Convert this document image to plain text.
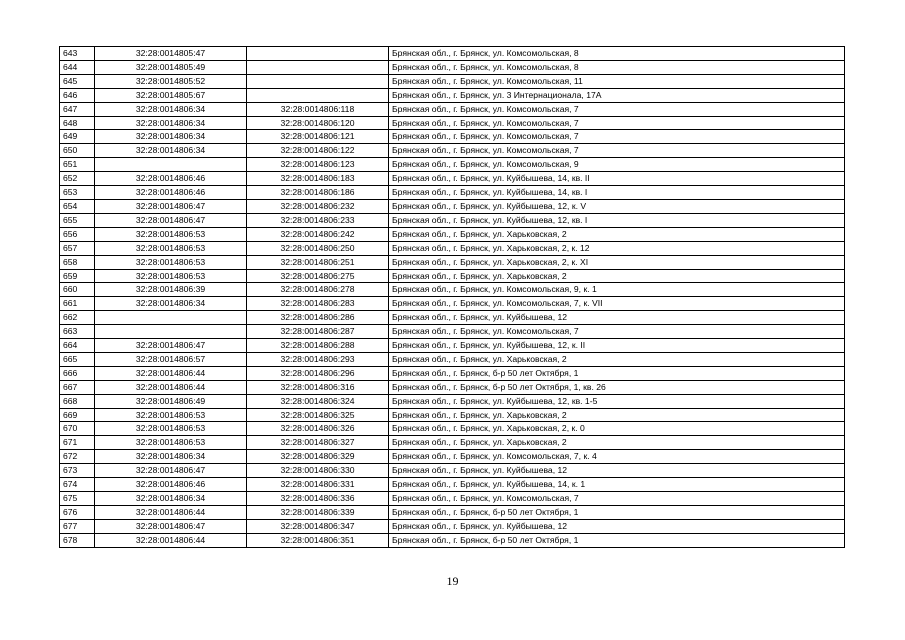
643	32:28:0014805:47		Брянская обл., г. Брянск, ул. Комсомольская, 8
644	32:28:0014805:49		Брянская обл., г. Брянск, ул. Комсомольская, 8
645	32:28:0014805:52		Брянская обл., г. Брянск, ул. Комсомольская, 11
646	32:28:0014805:67		Брянская обл., г. Брянск, ул. 3 Интернационала, 17А
647	32:28:0014806:34	32:28:0014806:118	Брянская обл., г. Брянск, ул. Комсомольская, 7
648	32:28:0014806:34	32:28:0014806:120	Брянская обл., г. Брянск, ул. Комсомольская, 7
649	32:28:0014806:34	32:28:0014806:121	Брянская обл., г. Брянск, ул. Комсомольская, 7
650	32:28:0014806:34	32:28:0014806:122	Брянская обл., г. Брянск, ул. Комсомольская, 7
651		32:28:0014806:123	Брянская обл., г. Брянск, ул. Комсомольская, 9
652	32:28:0014806:46	32:28:0014806:183	Брянская обл., г. Брянск, ул. Куйбышева, 14, кв. II
653	32:28:0014806:46	32:28:0014806:186	Брянская обл., г. Брянск, ул. Куйбышева, 14, кв. I
654	32:28:0014806:47	32:28:0014806:232	Брянская обл., г. Брянск, ул. Куйбышева, 12, к. V
655	32:28:0014806:47	32:28:0014806:233	Брянская обл., г. Брянск, ул. Куйбышева, 12, кв. I
656	32:28:0014806:53	32:28:0014806:242	Брянская обл., г. Брянск, ул. Харьковская, 2
657	32:28:0014806:53	32:28:0014806:250	Брянская обл., г. Брянск, ул. Харьковская, 2, к. 12
658	32:28:0014806:53	32:28:0014806:251	Брянская обл., г. Брянск, ул. Харьковская, 2, к. XI
659	32:28:0014806:53	32:28:0014806:275	Брянская обл., г. Брянск, ул. Харьковская, 2
660	32:28:0014806:39	32:28:0014806:278	Брянская обл., г. Брянск, ул. Комсомольская, 9, к. 1
661	32:28:0014806:34	32:28:0014806:283	Брянская обл., г. Брянск, ул. Комсомольская, 7, к. VII
662		32:28:0014806:286	Брянская обл., г. Брянск, ул. Куйбышева, 12
663		32:28:0014806:287	Брянская обл., г. Брянск, ул. Комсомольская, 7
664	32:28:0014806:47	32:28:0014806:288	Брянская обл., г. Брянск, ул. Куйбышева, 12, к. II
665	32:28:0014806:57	32:28:0014806:293	Брянская обл., г. Брянск, ул. Харьковская, 2
666	32:28:0014806:44	32:28:0014806:296	Брянская обл., г. Брянск, б-р 50 лет Октября, 1
667	32:28:0014806:44	32:28:0014806:316	Брянская обл., г. Брянск, б-р 50 лет Октября, 1, кв. 26
668	32:28:0014806:49	32:28:0014806:324	Брянская обл., г. Брянск, ул. Куйбышева, 12, кв. 1-5
669	32:28:0014806:53	32:28:0014806:325	Брянская обл., г. Брянск, ул. Харьковская, 2
670	32:28:0014806:53	32:28:0014806:326	Брянская обл., г. Брянск, ул. Харьковская, 2, к. 0
671	32:28:0014806:53	32:28:0014806:327	Брянская обл., г. Брянск, ул. Харьковская, 2
672	32:28:0014806:34	32:28:0014806:329	Брянская обл., г. Брянск, ул. Комсомольская, 7, к. 4
673	32:28:0014806:47	32:28:0014806:330	Брянская обл., г. Брянск, ул. Куйбышева, 12
674	32:28:0014806:46	32:28:0014806:331	Брянская обл., г. Брянск, ул. Куйбышева, 14, к. 1
675	32:28:0014806:34	32:28:0014806:336	Брянская обл., г. Брянск, ул. Комсомольская, 7
676	32:28:0014806:44	32:28:0014806:339	Брянская обл., г. Брянск, б-р 50 лет Октября, 1
677	32:28:0014806:47	32:28:0014806:347	Брянская обл., г. Брянск, ул. Куйбышева, 12
678	32:28:0014806:44	32:28:0014806:351	Брянская обл., г. Брянск, б-р 50 лет Октября, 1
19
